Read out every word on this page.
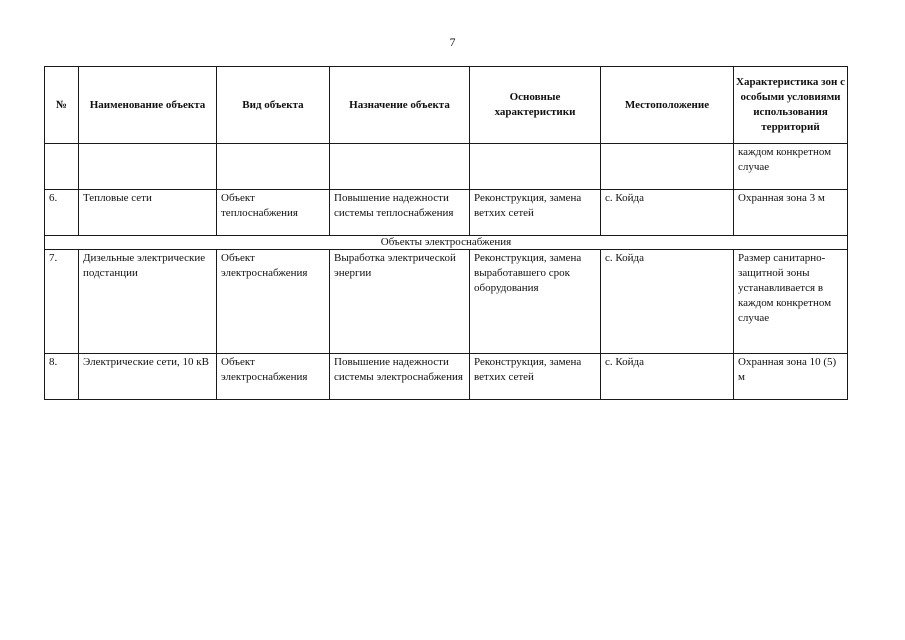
7
№	Наименование объекта	Вид объекта	Назначение объекта	Основные характеристики	Местоположение	Характеристика зон с особыми условиями использования территорий
						каждом конкретном случае
6.	Тепловые сети	Объект теплоснабжения	Повышение надежности системы теплоснабжения	Реконструкция, замена ветхих сетей	с. Койда	Охранная зона 3 м
Объекты электроснабжения						
7.	Дизельные электрические подстанции	Объект электроснабжения	Выработка электрической энергии	Реконструкция, замена выработавшего срок оборудования	с. Койда	Размер санитарно-защитной зоны устанавливается в каждом конкретном случае
8.	Электрические сети, 10 кВ	Объект электроснабжения	Повышение надежности системы электроснабжения	Реконструкция, замена ветхих сетей	с. Койда	Охранная зона 10 (5) м
